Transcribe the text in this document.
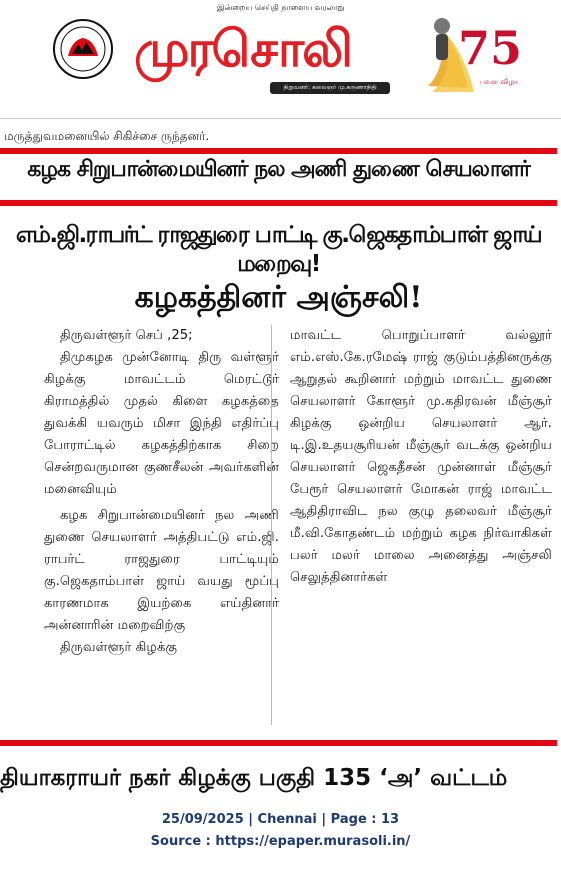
இன்றைய செய்தி நாளைய வரலாறு
முரசொலி
நிறுவனர்: கலைஞர் மு.கருணாநிதி
75
பவள விழா
மருத்துவமனையில் சிகிச்சை ருந்தனர்.
கழக சிறுபான்மையினர் நல அணி துணை செயலாளர்
எம்.ஜி.ராபர்ட் ராஜதுரை பாட்டி கு.ஜெகதாம்பாள் ஜாய் மறைவு!
கழகத்தினர் அஞ்சலி!

திருவள்ளூர் செப் ,25;

திமுகழக முன்னோடி திரு வள்ளூர் கிழக்கு மாவட்டம் மெரட்டூர் கிராமத்தில் முதல் கிளை கழகத்தை துவக்கி யவரும் மிசா இந்தி எதிர்ப்பு போராட்டில் கழகத்திற்காக சிறை சென்றவருமான குணசீலன் அவர்களின் மனைவியும்

கழக சிறுபான்மையினர் நல அணி துணை செயலாளர் அத்திபட்டு எம்.ஜி. ராபர்ட் ராஜதுரை பாட்டியும் கு.ஜெகதாம்பாள் ஜாய் வயது மூப்பு காரணமாக இயற்கை எய்தினார் அன்னாரின் மறைவிற்கு

திருவள்ளூர் கிழக்கு

மாவட்ட பொறுப்பாளர் வல்லூர் எம்.எஸ்.கே.ரமேஷ் ராஜ் குடும்பத்தினருக்கு ஆறுதல் கூறினார் மற்றும் மாவட்ட துணை செயலாளர் கோளூர் மு.கதிரவன் மீஞ்சூர் கிழக்கு ஒன்றிய செயலாளர் ஆர். டி.இ.உதயசூரியன் மீஞ்சூர் வடக்கு ஒன்றிய செயலாளர் ஜெகதீசன் முன்னாள் மீஞ்சூர் பேரூர் செயலாளர் மோகன் ராஜ் மாவட்ட ஆதிதிராவிட நல குழு தலைவர் மீஞ்சூர் மீ.வி.கோதண்டம் மற்றும் கழக நிர்வாகிகள் பலர் மலர் மாலை அனைத்து அஞ்சலி செலுத்தினார்கள்

தியாகராயர் நகர் கிழக்கு பகுதி 135 ‘அ’ வட்டம்
25/09/2025 | Chennai | Page : 13
Source : https://epaper.murasoli.in/
